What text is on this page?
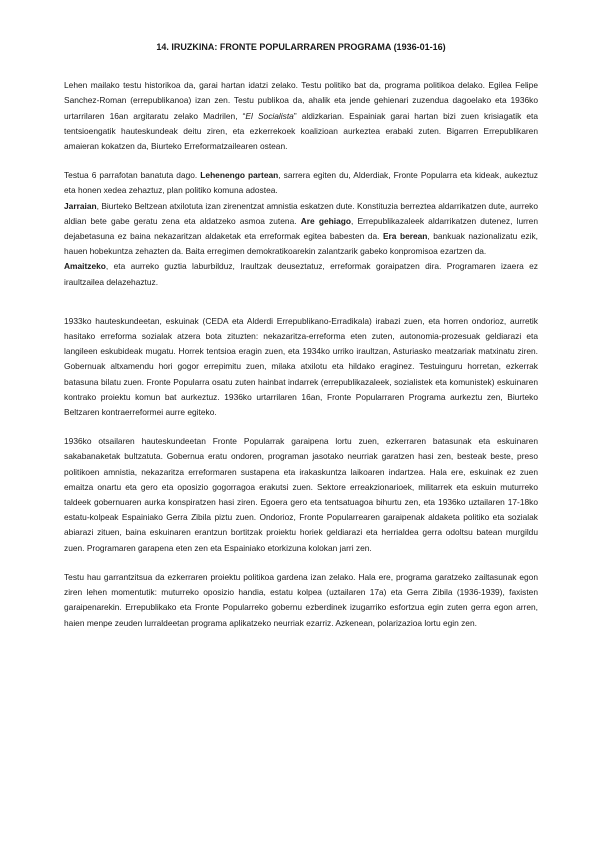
14. IRUZKINA: FRONTE POPULARRAREN PROGRAMA (1936-01-16)
Lehen mailako testu historikoa da, garai hartan idatzi zelako. Testu politiko bat da, programa politikoa delako. Egilea Felipe Sanchez-Roman (errepublikanoa) izan zen. Testu publikoa da, ahalik eta jende gehienari zuzendua dagoelako eta 1936ko urtarrilaren 16an argitaratu zelako Madrilen, “El Socialista” aldizkarian. Espainiak garai hartan bizi zuen krisiagatik eta tentsioengatik hauteskundeak deitu ziren, eta ezkerrekoek koalizioan aurkeztea erabaki zuten. Bigarren Errepublikaren amaieran kokatzen da, Biurteko Erreformatzailearen ostean.

Testua 6 parrafotan banatuta dago. Lehenengo partean, sarrera egiten du, Alderdiak, Fronte Popularra eta kideak, aukeztuz eta honen xedea zehaztuz, plan politiko komuna adostea.

Jarraian, Biurteko Beltzean atxilotuta izan zirenentzat amnistia eskatzen dute. Konstituzia berreztea aldarrikatzen dute, aurreko aldian bete gabe geratu zena eta aldatzeko asmoa zutena. Are gehiago, Errepublikazaleek aldarrikatzen dutenez, lurren dejabetasuna ez baina nekazaritzan aldaketak eta erreformak egitea babesten da. Era berean, bankuak nazionalizatu ezik, hauen hobekuntza zehazten da. Baita erregimen demokratikoarekin zalantzarik gabeko konpromisoa ezartzen da.

Amaitzeko, eta aurreko guztia laburbilduz, Iraultzak deuseztatuz, erreformak goraipatzen dira. Programaren izaera ez iraultzailea delazehaztuz.

1933ko hauteskundeetan, eskuinak (CEDA eta Alderdi Errepublikano-Erradikala) irabazi zuen, eta horren ondorioz, aurretik hasitako erreforma sozialak atzera bota zituzten: nekazaritza-erreforma eten zuten, autonomia-prozesuak geldiarazi eta langileen eskubideak mugatu. Horrek tentsioa eragin zuen, eta 1934ko urriko iraultzan, Asturiasko meatzariak matxinatu ziren. Gobernuak altxamendu hori gogor errepimitu zuen, milaka atxilotu eta hildako eraginez. Testuinguru horretan, ezkerrak batasuna bilatu zuen. Fronte Popularra osatu zuten hainbat indarrek (errepublikazaleek, sozialistek eta komunistek) eskuinaren kontrako proiektu komun bat aurkeztuz. 1936ko urtarrilaren 16an, Fronte Popularraren Programa aurkeztu zen, Biurteko Beltzaren kontraerreformei aurre egiteko.
1936ko otsailaren hauteskundeetan Fronte Popularrak garaipena lortu zuen, ezkerraren batasunak eta eskuinaren sakabanaketak bultzatuta. Gobernua eratu ondoren, programan jasotako neurriak garatzen hasi zen, besteak beste, preso politikoen amnistia, nekazaritza erreformaren sustapena eta irakaskuntza laikoaren indartzea. Hala ere, eskuinak ez zuen emaitza onartu eta gero eta oposizio gogorragoa erakutsi zuen. Sektore erreakzionarioek, militarrek eta eskuin muturreko taldeek gobernuaren aurka konspiratzen hasi ziren. Egoera gero eta tentsatuagoa bihurtu zen, eta 1936ko uztailaren 17-18ko estatu-kolpeak Espainiako Gerra Zibila piztu zuen. Ondorioz, Fronte Popularrearen garaipenak aldaketa politiko eta sozialak abiarazi zituen, baina eskuinaren erantzun bortitzak proiektu horiek geldiarazi eta herrialdea gerra odoltsu batean murgildu zuen. Programaren garapena eten zen eta Espainiako etorkizuna kolokan jarri zen.
Testu hau garrantzitsua da ezkerraren proiektu politikoa gardena izan zelako. Hala ere, programa garatzeko zailtasunak egon ziren lehen momentutik: muturreko oposizio handia, estatu kolpea (uztailaren 17a) eta Gerra Zibila (1936-1939), faxisten garaipenarekin. Errepublikako eta Fronte Popularreko gobernu ezberdinek izugarriko esfortzua egin zuten gerra egon arren, haien menpe zeuden lurraldeetan programa aplikatzeko neurriak ezarriz. Azkenean, polarizazioa lortu egin zen.
